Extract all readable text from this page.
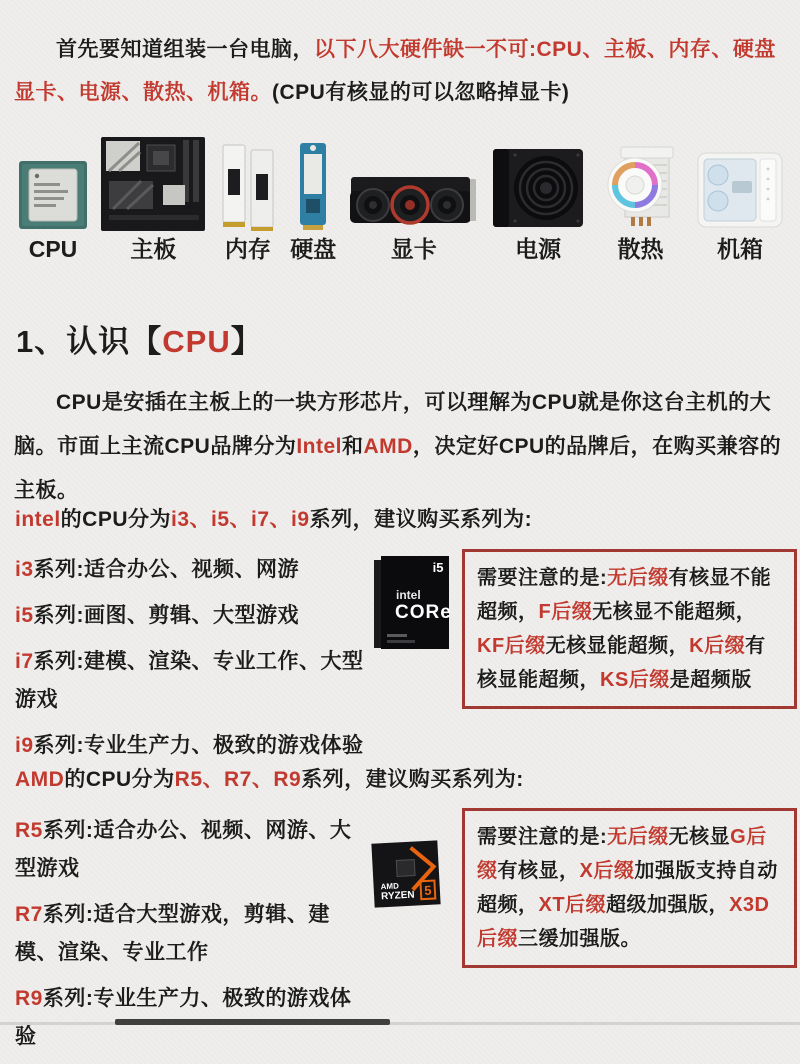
首先要知道组装一台电脑，以下八大硬件缺一不可:CPU、主板、内存、硬盘显卡、电源、散热、机箱。(CPU有核显的可以忽略掉显卡)
CPU 主板 内存 硬盘 显卡	电源 散热 机箱
1、认识【CPU】
CPU是安插在主板上的一块方形芯片，可以理解为CPU就是你这台主机的大脑。市面上主流CPU品牌分为Intel和AMD，决定好CPU的品牌后，在购买兼容的主板。
intel的CPU分为i3、i5、i7、i9系列，建议购买系列为:
i3系列:适合办公、视频、网游
i5系列:画图、剪辑、大型游戏
i7系列:建模、渲染、专业工作、大型游戏
i9系列:专业生产力、极致的游戏体验
i5
intel
CORe
需要注意的是:无后缀有核显不能超频，F后缀无核显不能超频，KF后缀无核显能超频，K后缀有核显能超频，KS后缀是超频版
AMD的CPU分为R5、R7、R9系列，建议购买系列为:
R5系列:适合办公、视频、网游、大型游戏
R7系列:适合大型游戏，剪辑、建模、渲染、专业工作
R9系列:专业生产力、极致的游戏体验
AMD
RYZEN 5
需要注意的是:无后缀无核显G后缀有核显，X后缀加强版支持自动超频，XT后缀超级加强版，X3D后缀三缓加强版。
